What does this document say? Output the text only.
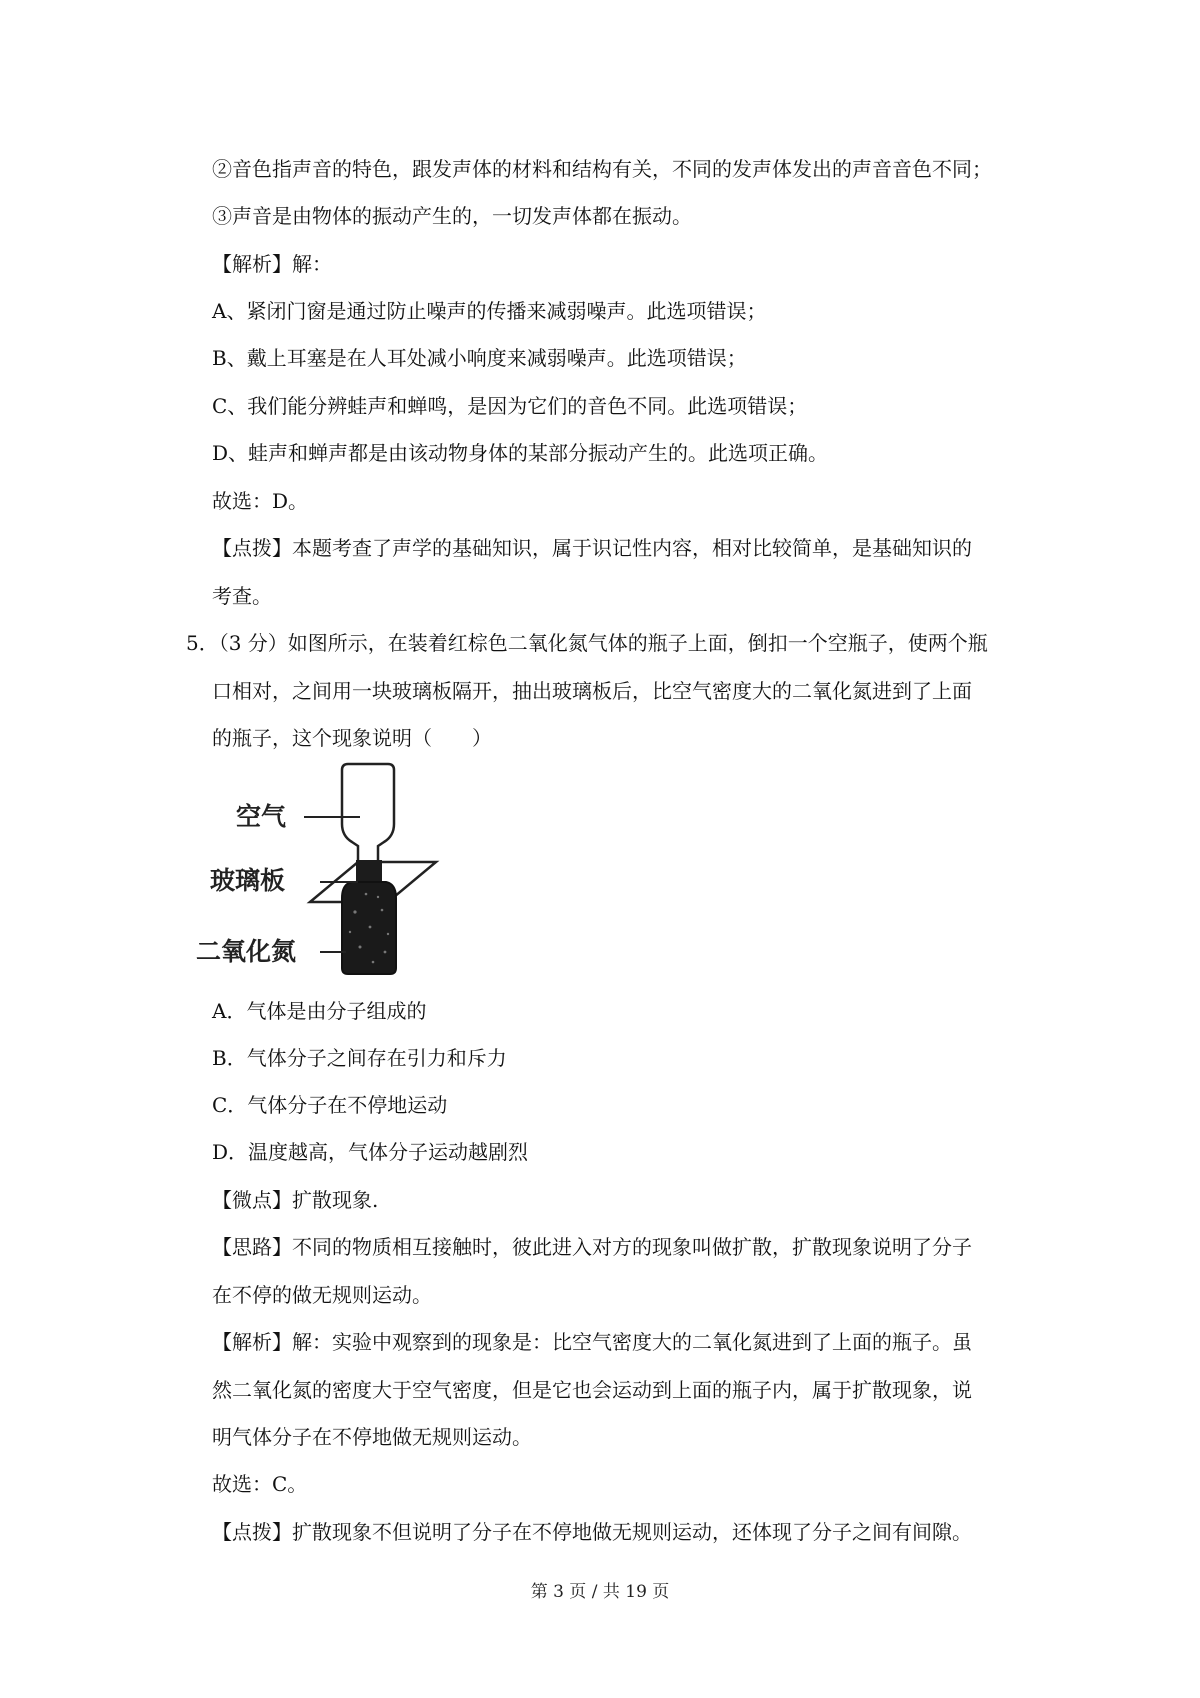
②音色指声音的特色，跟发声体的材料和结构有关，不同的发声体发出的声音音色不同；
③声音是由物体的振动产生的，一切发声体都在振动。
【解析】解：
A、紧闭门窗是通过防止噪声的传播来减弱噪声。此选项错误；
B、戴上耳塞是在人耳处减小响度来减弱噪声。此选项错误；
C、我们能分辨蛙声和蝉鸣，是因为它们的音色不同。此选项错误；
D、蛙声和蝉声都是由该动物身体的某部分振动产生的。此选项正确。
故选：D。
【点拨】本题考查了声学的基础知识，属于识记性内容，相对比较简单，是基础知识的
考查。
5．（3 分）如图所示，在装着红棕色二氧化氮气体的瓶子上面，倒扣一个空瓶子，使两个瓶
口相对，之间用一块玻璃板隔开，抽出玻璃板后，比空气密度大的二氧化氮进到了上面
的瓶子，这个现象说明（　　）
空气
玻璃板
二氧化氮
A．气体是由分子组成的
B．气体分子之间存在引力和斥力
C．气体分子在不停地运动
D．温度越高，气体分子运动越剧烈
【微点】扩散现象.
【思路】不同的物质相互接触时，彼此进入对方的现象叫做扩散，扩散现象说明了分子
在不停的做无规则运动。
【解析】解：实验中观察到的现象是：比空气密度大的二氧化氮进到了上面的瓶子。虽
然二氧化氮的密度大于空气密度，但是它也会运动到上面的瓶子内，属于扩散现象，说
明气体分子在不停地做无规则运动。
故选：C。
【点拨】扩散现象不但说明了分子在不停地做无规则运动，还体现了分子之间有间隙。
第 3 页 / 共 19 页
